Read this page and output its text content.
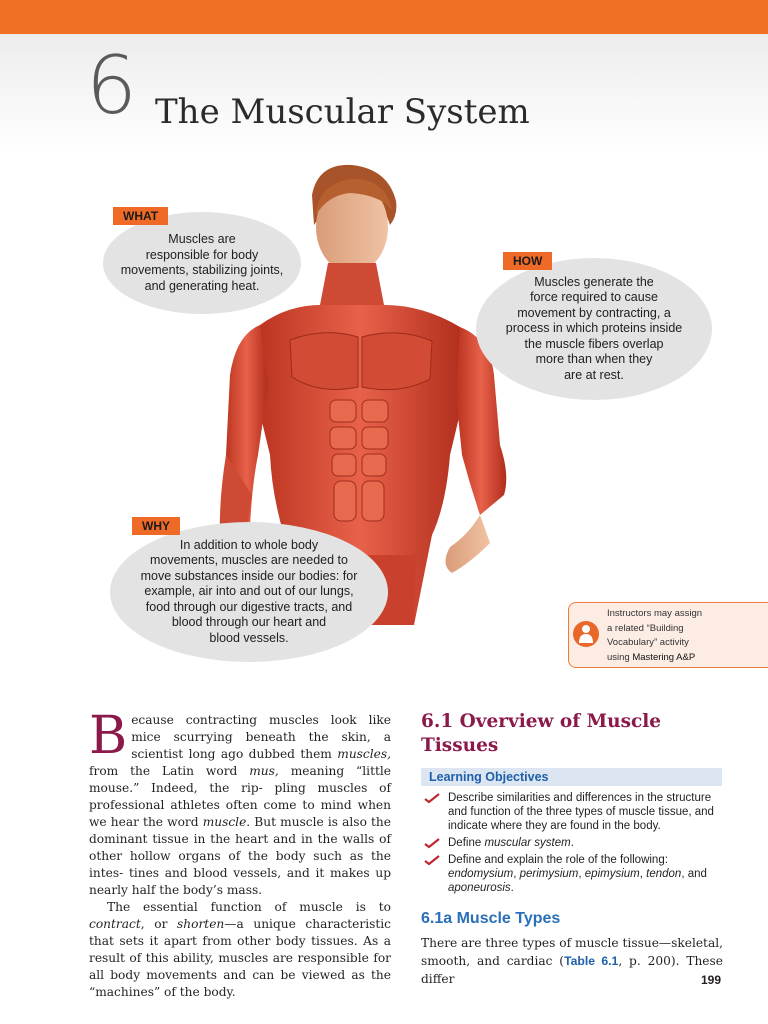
6 The Muscular System
Muscles are
responsible for body
movements, stabilizing joints,
and generating heat.
WHAT
Muscles generate the
force required to cause
movement by contracting, a
process in which proteins inside
the muscle fibers overlap
more than when they
are at rest.
HOW
In addition to whole body
movements, muscles are needed to
move substances inside our bodies: for
example, air into and out of our lungs,
food through our digestive tracts, and
blood through our heart and
blood vessels.
WHY
Instructors may assign
a related “Building
Vocabulary” activity
using Mastering A&P

Because contracting muscles look like mice scurrying beneath the skin, a scientist long ago dubbed them muscles, from the Latin word mus, meaning “little mouse.” Indeed, the rip- pling muscles of professional athletes often come to mind when we hear the word muscle. But muscle is also the dominant tissue in the heart and in the walls of other hollow organs of the body such as the intes- tines and blood vessels, and it makes up nearly half the body’s mass.

The essential function of muscle is to contract, or shorten—a unique characteristic that sets it apart from other body tissues. As a result of this ability, muscles are responsible for all body movements and can be viewed as the “machines” of the body.

6.1 Overview of Muscle Tissues
Learning Objectives
Describe similarities and differences in the structure and function of the three types of muscle tissue, and indicate where they are found in the body.
Define muscular system.
Define and explain the role of the following: endomysium, perimysium, epimysium, tendon, and aponeurosis.
6.1a Muscle Types
There are three types of muscle tissue—skeletal, smooth, and cardiac (Table 6.1, p. 200). These differ	199
